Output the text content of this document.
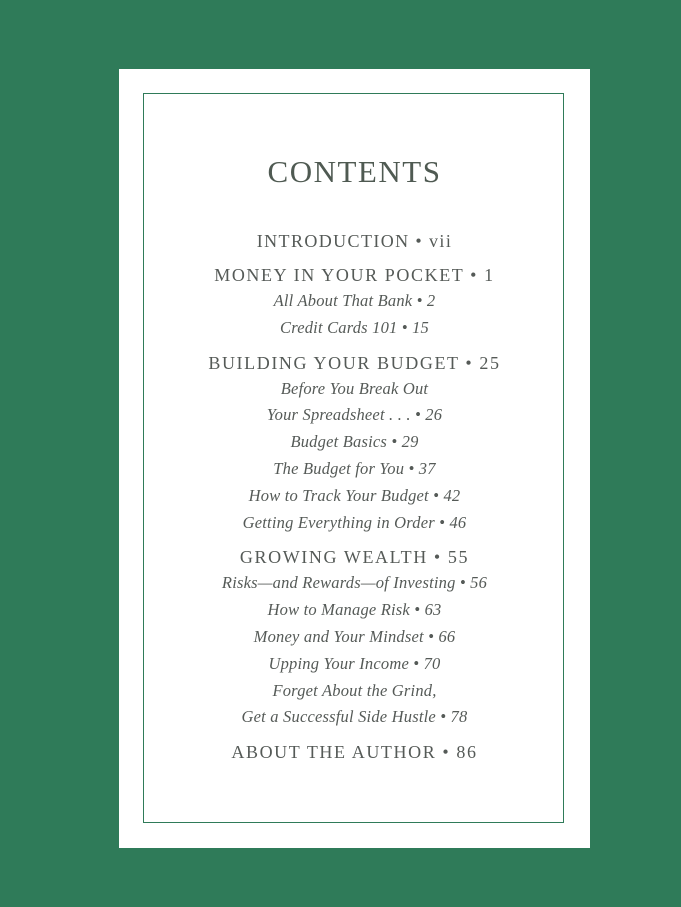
CONTENTS
INTRODUCTION • vii
MONEY IN YOUR POCKET • 1
All About That Bank • 2
Credit Cards 101 • 15
BUILDING YOUR BUDGET • 25
Before You Break Out
Your Spreadsheet . . . • 26
Budget Basics • 29
The Budget for You • 37
How to Track Your Budget • 42
Getting Everything in Order • 46
GROWING WEALTH • 55
Risks—and Rewards—of Investing • 56
How to Manage Risk • 63
Money and Your Mindset • 66
Upping Your Income • 70
Forget About the Grind,
Get a Successful Side Hustle • 78
ABOUT THE AUTHOR • 86
